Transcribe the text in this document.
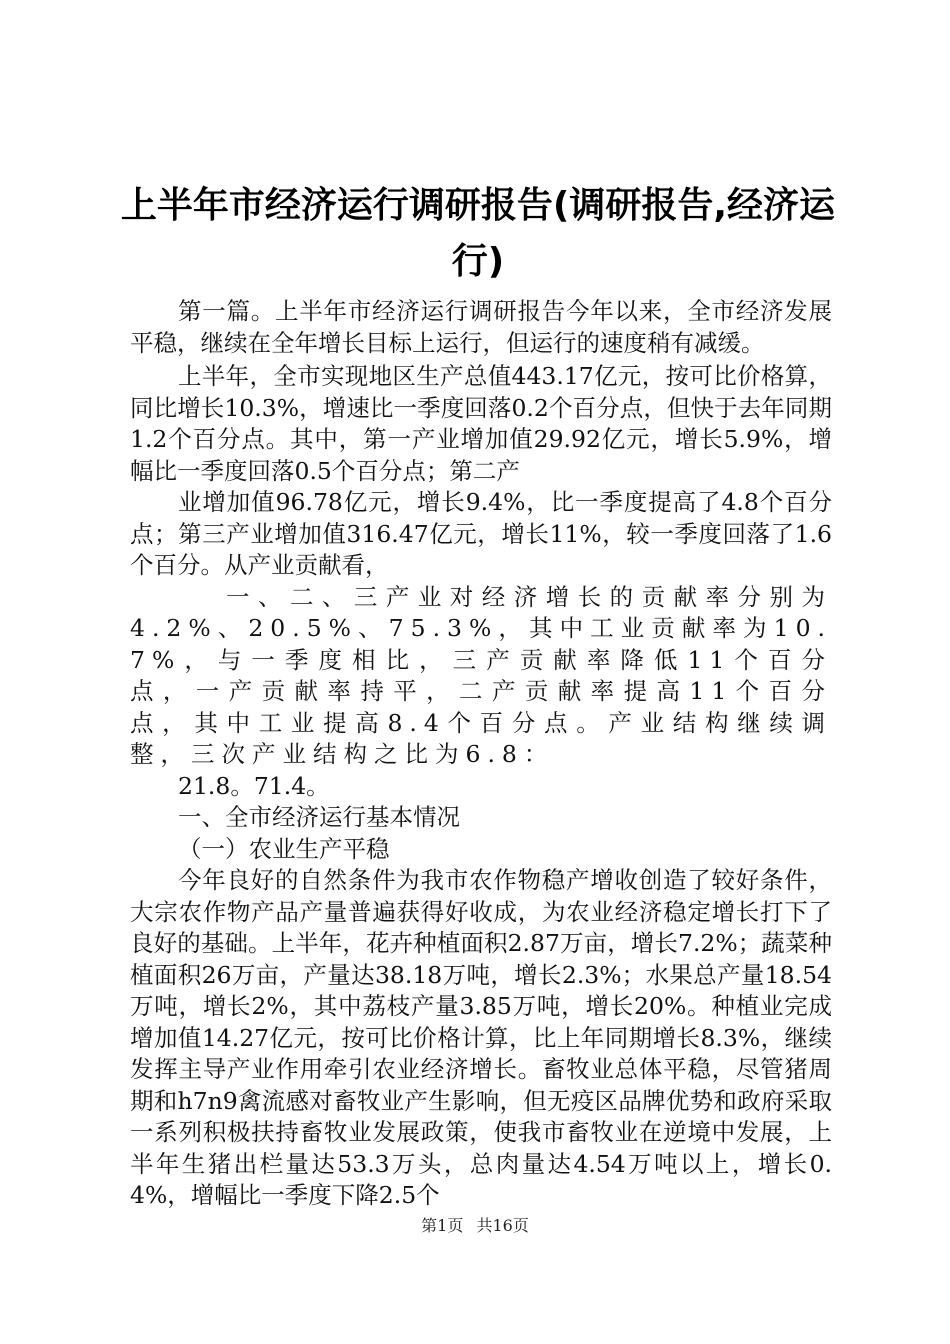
上半年市经济运行调研报告(调研报告,经济运行)

第一篇。上半年市经济运行调研报告今年以来，全市经济发展平稳，继续在全年增长目标上运行，但运行的速度稍有减缓。

上半年，全市实现地区生产总值443.17亿元，按可比价格算，同比增长10.3%，增速比一季度回落0.2个百分点，但快于去年同期1.2个百分点。其中，第一产业增加值29.92亿元，增长5.9%，增幅比一季度回落0.5个百分点；第二产

业增加值96.78亿元，增长9.4%，比一季度提高了4.8个百分点；第三产业增加值316.47亿元，增长11%，较一季度回落了1.6个百分。从产业贡献看，

一、二、三产业对经济增长的贡献率分别为4.2%、20.5%、75.3%，其中工业贡献率为10.7%，与一季度相比，三产贡献率降低11个百分点，一产贡献率持平，二产贡献率提高11个百分点，其中工业提高8.4个百分点。产业结构继续调整，三次产业结构之比为6.8：

21.8。71.4。

一、全市经济运行基本情况

（一）农业生产平稳

今年良好的自然条件为我市农作物稳产增收创造了较好条件，大宗农作物产品产量普遍获得好收成，为农业经济稳定增长打下了良好的基础。上半年，花卉种植面积2.87万亩，增长7.2%；蔬菜种植面积26万亩，产量达38.18万吨，增长2.3%；水果总产量18.54万吨，增长2%，其中荔枝产量3.85万吨，增长20%。种植业完成增加值14.27亿元，按可比价格计算，比上年同期增长8.3%，继续发挥主导产业作用牵引农业经济增长。畜牧业总体平稳，尽管猪周期和h7n9禽流感对畜牧业产生影响，但无疫区品牌优势和政府采取一系列积极扶持畜牧业发展政策，使我市畜牧业在逆境中发展，上半年生猪出栏量达53.3万头，总肉量达4.54万吨以上，增长0.4%，增幅比一季度下降2.5个

第1页 共16页
